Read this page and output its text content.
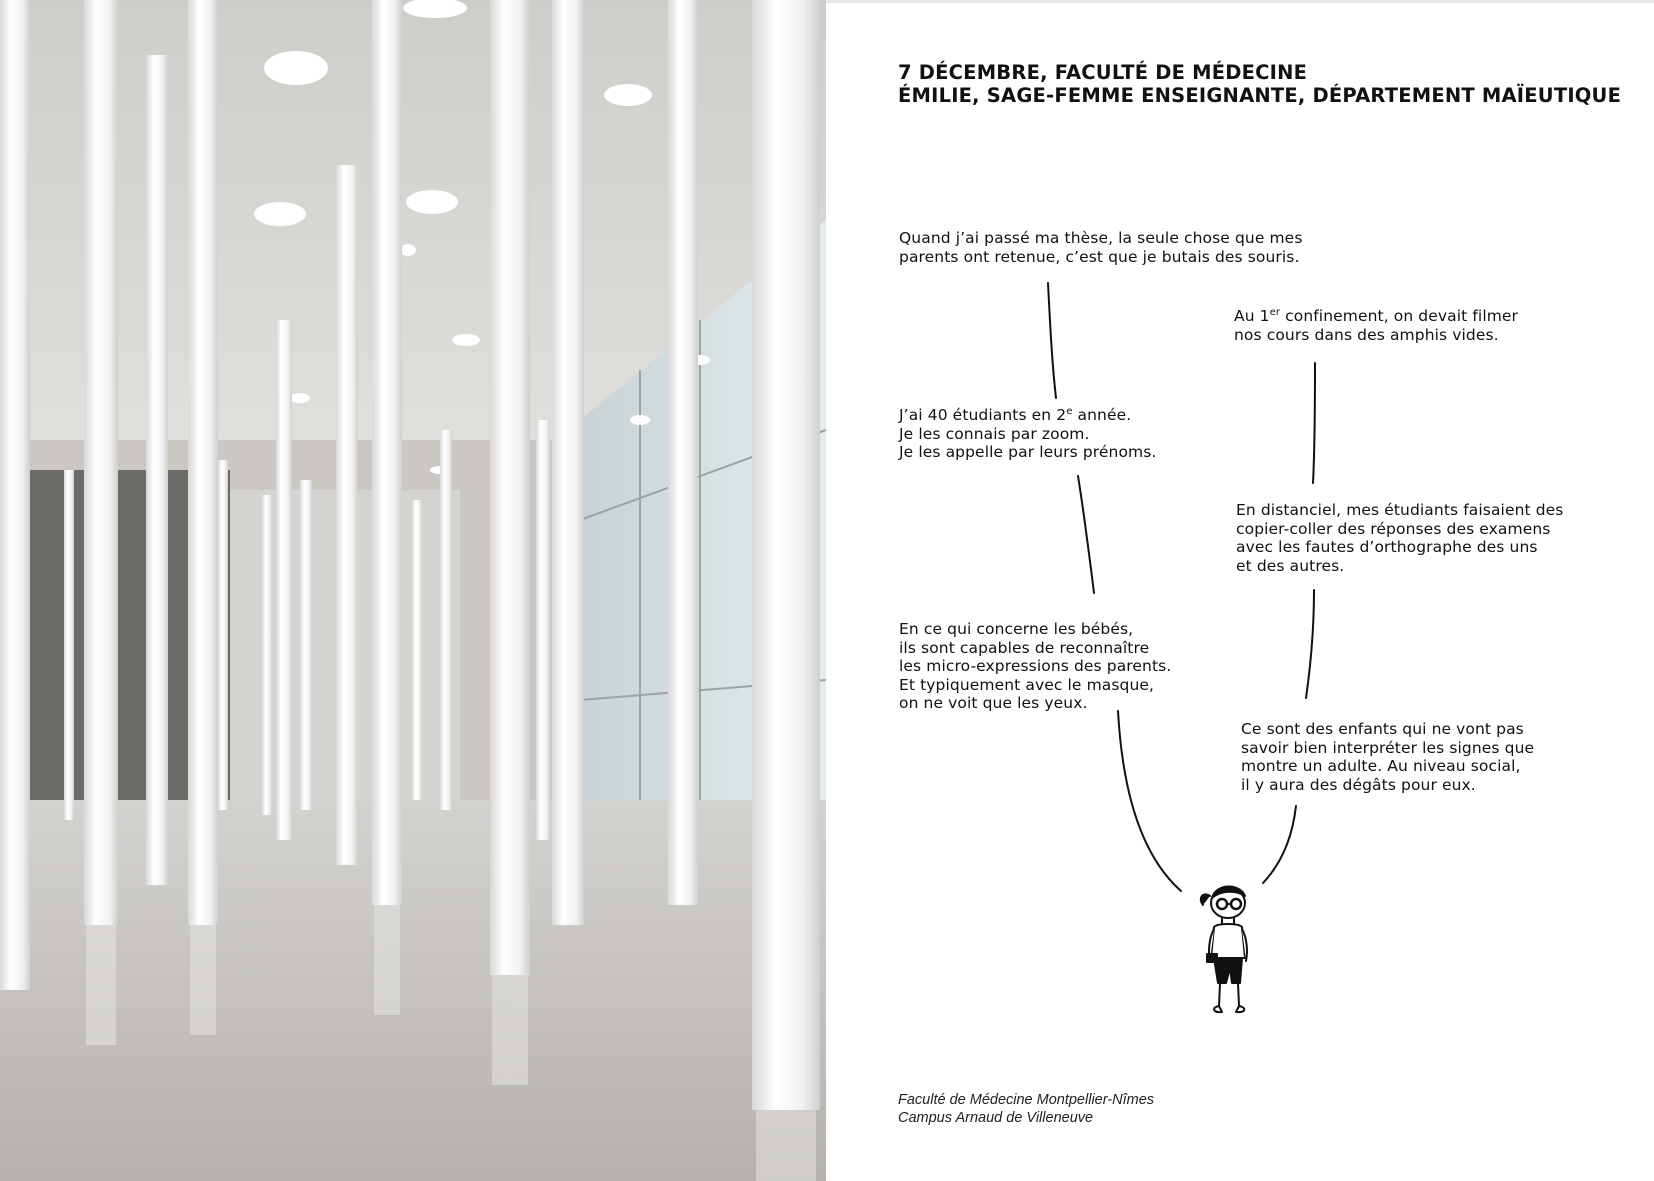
7 DÉCEMBRE, FACULTÉ DE MÉDECINE
ÉMILIE, SAGE-FEMME ENSEIGNANTE, DÉPARTEMENT MAÏEUTIQUE
Quand j’ai passé ma thèse, la seule chose que mes
parents ont retenue, c’est que je butais des souris.
Au 1er confinement, on devait filmer
nos cours dans des amphis vides.
J’ai 40 étudiants en 2e année.
Je les connais par zoom.
Je les appelle par leurs prénoms.
En distanciel, mes étudiants faisaient des
copier-coller des réponses des examens
avec les fautes d’orthographe des uns
et des autres.
En ce qui concerne les bébés,
ils sont capables de reconnaître
les micro-expressions des parents.
Et typiquement avec le masque,
on ne voit que les yeux.
Ce sont des enfants qui ne vont pas
savoir bien interpréter les signes que
montre un adulte. Au niveau social,
il y aura des dégâts pour eux.
Faculté de Médecine Montpellier-Nîmes
Campus Arnaud de Villeneuve
